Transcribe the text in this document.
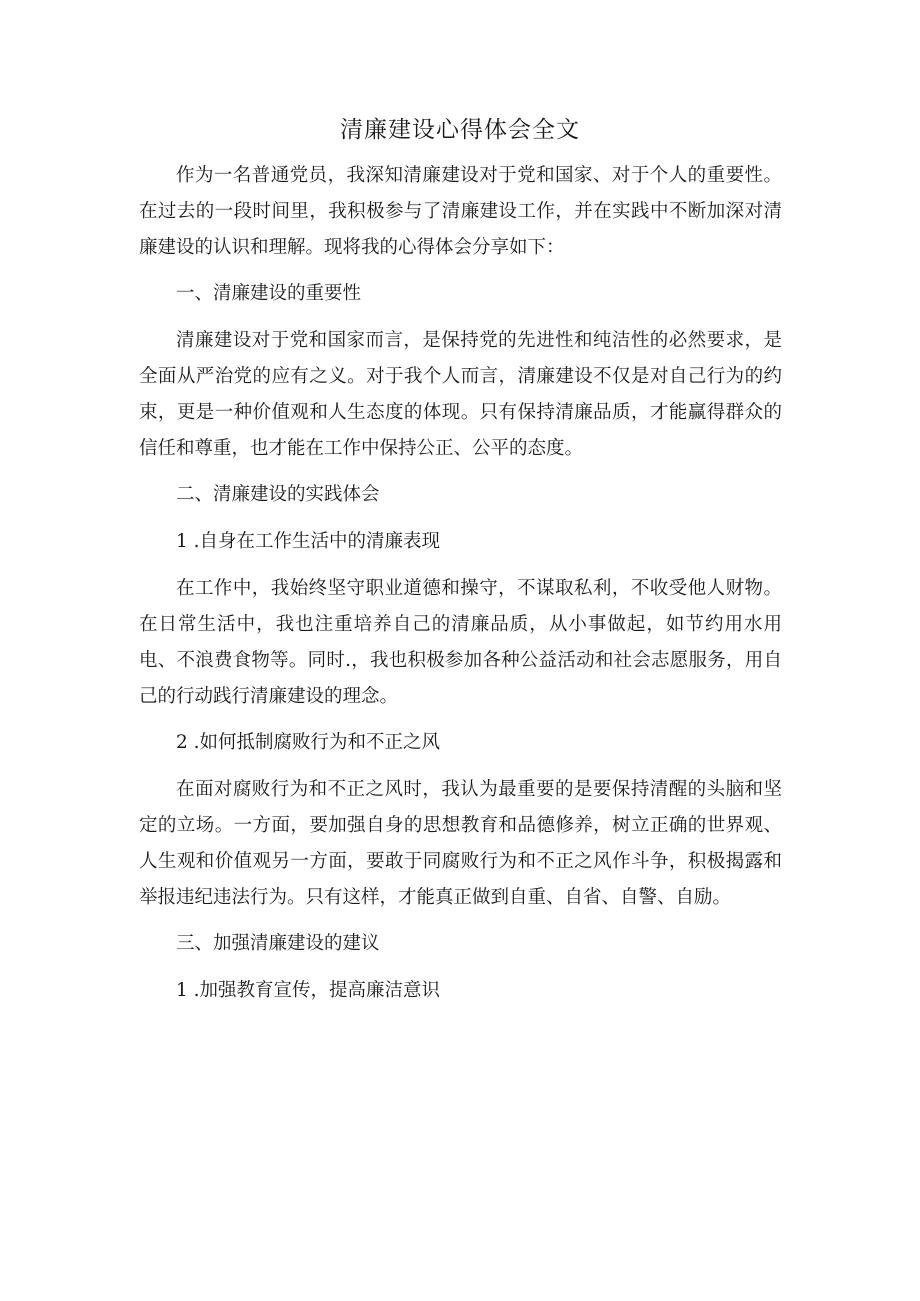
清廉建设心得体会全文

作为一名普通党员，我深知清廉建设对于党和国家、对于个人的重要性。在过去的一段时间里，我积极参与了清廉建设工作，并在实践中不断加深对清廉建设的认识和理解。现将我的心得体会分享如下：

一、清廉建设的重要性

清廉建设对于党和国家而言，是保持党的先进性和纯洁性的必然要求，是全面从严治党的应有之义。对于我个人而言，清廉建设不仅是对自己行为的约束，更是一种价值观和人生态度的体现。只有保持清廉品质，才能赢得群众的信任和尊重，也才能在工作中保持公正、公平的态度。

二、清廉建设的实践体会

1 .自身在工作生活中的清廉表现

在工作中，我始终坚守职业道德和操守，不谋取私利，不收受他人财物。在日常生活中，我也注重培养自己的清廉品质，从小事做起，如节约用水用电、不浪费食物等。同时.，我也积极参加各种公益活动和社会志愿服务，用自己的行动践行清廉建设的理念。

2 .如何抵制腐败行为和不正之风

在面对腐败行为和不正之风时，我认为最重要的是要保持清醒的头脑和坚定的立场。一方面，要加强自身的思想教育和品德修养，树立正确的世界观、人生观和价值观另一方面，要敢于同腐败行为和不正之风作斗争，积极揭露和举报违纪违法行为。只有这样，才能真正做到自重、自省、自警、自励。

三、加强清廉建设的建议

1 .加强教育宣传，提高廉洁意识
